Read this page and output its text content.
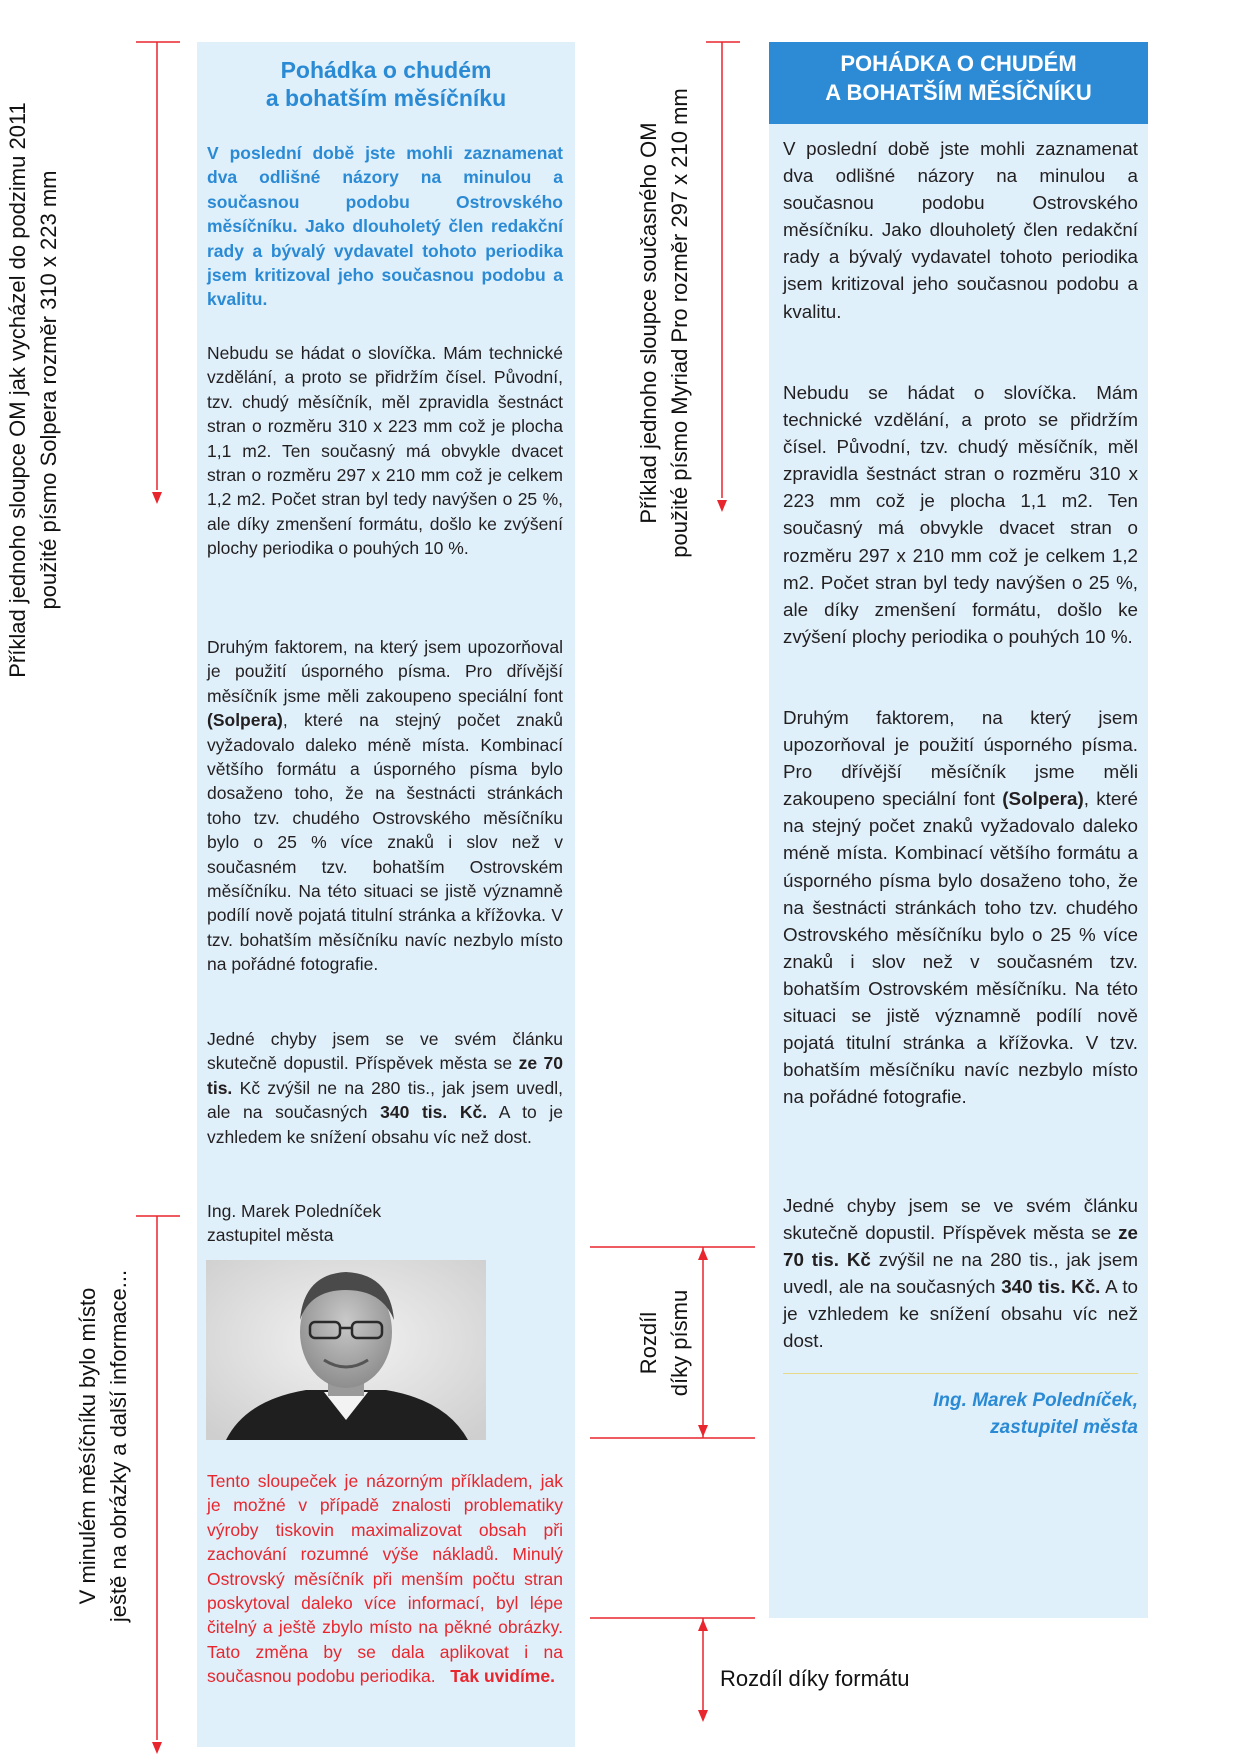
Pohádka o chudém
a bohatším měsíčníku
V poslední době jste mohli zaznamenat dva odlišné názory na minulou a současnou podobu Ostrovského měsíčníku. Jako dlouholetý člen redakční rady a bývalý vydavatel tohoto periodika jsem kritizoval jeho současnou podobu a kvalitu.
Nebudu se hádat o slovíčka. Mám technické vzdělání, a proto se přidržím čísel. Původní, tzv. chudý měsíčník, měl zpravidla šestnáct stran o rozměru 310 x 223 mm což je plocha 1,1 m2. Ten současný má obvykle dvacet stran o rozměru 297 x 210 mm což je celkem 1,2 m2. Počet stran byl tedy navýšen o 25 %, ale díky zmenšení formátu, došlo ke zvýšení plochy periodika o pouhých 10 %.
Druhým faktorem, na který jsem upozorňoval je použití úsporného písma. Pro dřívější měsíčník jsme měli zakoupeno speciální font (Solpera), které na stejný počet znaků vyžadovalo daleko méně místa. Kombinací většího formátu a úsporného písma bylo dosaženo toho, že na šestnácti stránkách toho tzv. chudého Ostrovského měsíčníku bylo o 25 % více znaků i slov než v současném tzv. bohatším Ostrovském měsíčníku. Na této situaci se jistě významně podílí nově pojatá titulní stránka a křížovka. V tzv. bohatším měsíčníku navíc nezbylo místo na pořádné fotografie.
Jedné chyby jsem se ve svém článku skutečně dopustil. Příspěvek města se ze 70 tis. Kč zvýšil ne na 280 tis., jak jsem uvedl, ale na současných 340 tis. Kč. A to je vzhledem ke snížení obsahu víc než dost.
Ing. Marek Poledníček
zastupitel města
Tento sloupeček je názorným příkladem, jak je možné v případě znalosti problematiky výroby tiskovin maximalizovat obsah při zachování rozumné výše nákladů. Minulý Ostrovský měsíčník při menším počtu stran poskytoval daleko více informací, byl lépe čitelný a ještě zbylo místo na pěkné obrázky. Tato změna by se dala aplikovat i na současnou podobu periodika. Tak uvidíme.
POHÁDKA O CHUDÉM
A BOHATŠÍM MĚSÍČNÍKU
V poslední době jste mohli zaznamenat dva odlišné názory na minulou a současnou podobu Ostrovského měsíčníku. Jako dlouholetý člen redakční rady a bývalý vydavatel tohoto periodika jsem kritizoval jeho současnou podobu a kvalitu.
Nebudu se hádat o slovíčka. Mám technické vzdělání, a proto se přidržím čísel. Původní, tzv. chudý měsíčník, měl zpravidla šestnáct stran o rozměru 310 x 223 mm což je plocha 1,1 m2. Ten současný má obvykle dvacet stran o rozměru 297 x 210 mm což je celkem 1,2 m2. Počet stran byl tedy navýšen o 25 %, ale díky zmenšení formátu, došlo ke zvýšení plochy periodika o pouhých 10 %.
Druhým faktorem, na který jsem upozorňoval je použití úsporného písma. Pro dřívější měsíčník jsme měli zakoupeno speciální font (Solpera), které na stejný počet znaků vyžadovalo daleko méně místa. Kombinací většího formátu a úsporného písma bylo dosaženo toho, že na šestnácti stránkách toho tzv. chudého Ostrovského měsíčníku bylo o 25 % více znaků i slov než v současném tzv. bohatším Ostrovském měsíčníku. Na této situaci se jistě významně podílí nově pojatá titulní stránka a křížovka. V tzv. bohatším měsíčníku navíc nezbylo místo na pořádné fotografie.
Jedné chyby jsem se ve svém článku skutečně dopustil. Příspěvek města se ze 70 tis. Kč zvýšil ne na 280 tis., jak jsem uvedl, ale na současných 340 tis. Kč. A to je vzhledem ke snížení obsahu víc než dost.
Ing. Marek Poledníček,
zastupitel města
Příklad jednoho sloupce OM jak vycházel do podzimu 2011 použité písmo Solpera rozměr 310 x 223 mm
V minulém měsíčníku bylo místo ještě na obrázky a další informace...
Příklad jednoho sloupce současného OM použité písmo Myriad Pro rozměr 297 x 210 mm
Rozdíl díky písmu
Rozdíl díky formátu
